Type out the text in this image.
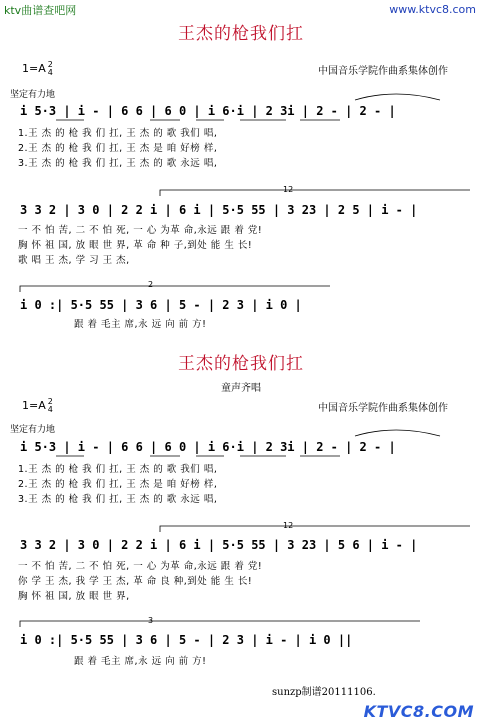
ktv曲谱查吧网	www.ktvc8.com
王杰的枪我们扛
1=A 2
4	中国音乐学院作曲系集体创作
坚定有力地
i 5·3 | i - | 6 6 | 6 0 | i 6·i | 2 3i | 2 - | 2 - |
1.王 杰 的 枪 我 们 扛, 王 杰 的 歌 我们 唱,
2.王 杰 的 枪 我 们 扛, 王 杰 是 咱 好榜 样,
3.王 杰 的 枪 我 们 扛, 王 杰 的 歌 永远 唱,
12
3 3 2 | 3 0 | 2 2 i | 6 i | 5·5 55 | 3 23 | 2 5 | i - |
一 不 怕 苦, 二 不 怕 死, 一 心 为革 命,永远 跟 着 党!
胸 怀 祖 国, 放 眼 世 界, 革 命 种 子,到处 能 生 长!
歌 唱 王 杰, 学 习 王 杰,
2
i 0 :| 5·5 55 | 3 6 | 5 - | 2 3 | i 0 |
跟 着 毛主 席,永 远 向 前 方!
王杰的枪我们扛
童声齐唱
1=A 2
4	中国音乐学院作曲系集体创作
坚定有力地
i 5·3 | i - | 6 6 | 6 0 | i 6·i | 2 3i | 2 - | 2 - |
1.王 杰 的 枪 我 们 扛, 王 杰 的 歌 我们 唱,
2.王 杰 的 枪 我 们 扛, 王 杰 是 咱 好榜 样,
3.王 杰 的 枪 我 们 扛, 王 杰 的 歌 永远 唱,
12
3 3 2 | 3 0 | 2 2 i | 6 i | 5·5 55 | 3 23 | 5 6 | i - |
一 不 怕 苦, 二 不 怕 死, 一 心 为革 命,永远 跟 着 党!
你 学 王 杰, 我 学 王 杰, 革 命 良 种,到处 能 生 长!
胸 怀 祖 国, 放 眼 世 界,
3
i 0 :| 5·5 55 | 3 6 | 5 - | 2 3 | i - | i 0 ||
跟 着 毛主 席,永 远 向 前 方!
sunzp制谱20111106.
KTVC8.COM
